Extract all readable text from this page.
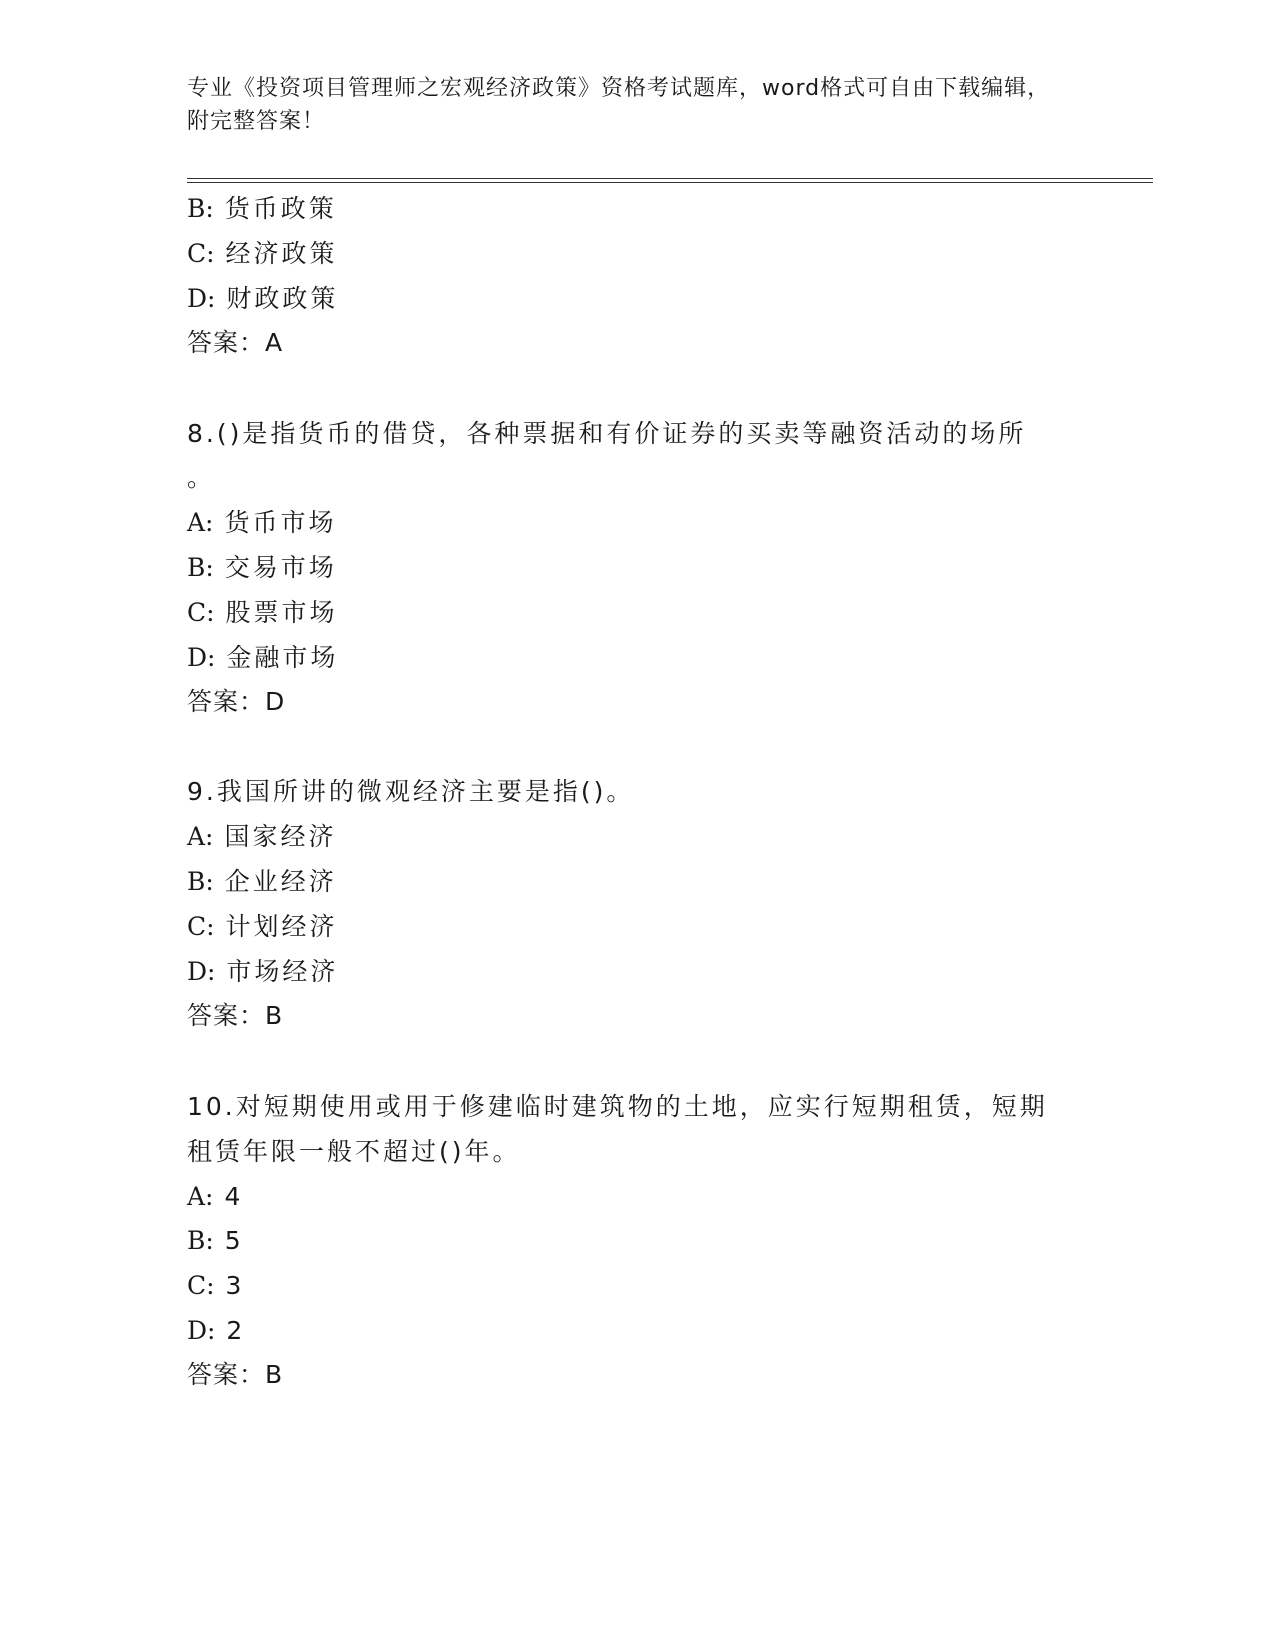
专业《投资项目管理师之宏观经济政策》资格考试题库，word格式可自由下载编辑，附完整答案！
B: 货币政策
C: 经济政策
D: 财政政策
答案：A
8.()是指货币的借贷，各种票据和有价证券的买卖等融资活动的场所
。
A: 货币市场
B: 交易市场
C: 股票市场
D: 金融市场
答案：D
9.我国所讲的微观经济主要是指()。
A: 国家经济
B: 企业经济
C: 计划经济
D: 市场经济
答案：B
10.对短期使用或用于修建临时建筑物的土地，应实行短期租赁，短期
租赁年限一般不超过()年。
A: 4
B: 5
C: 3
D: 2
答案：B
